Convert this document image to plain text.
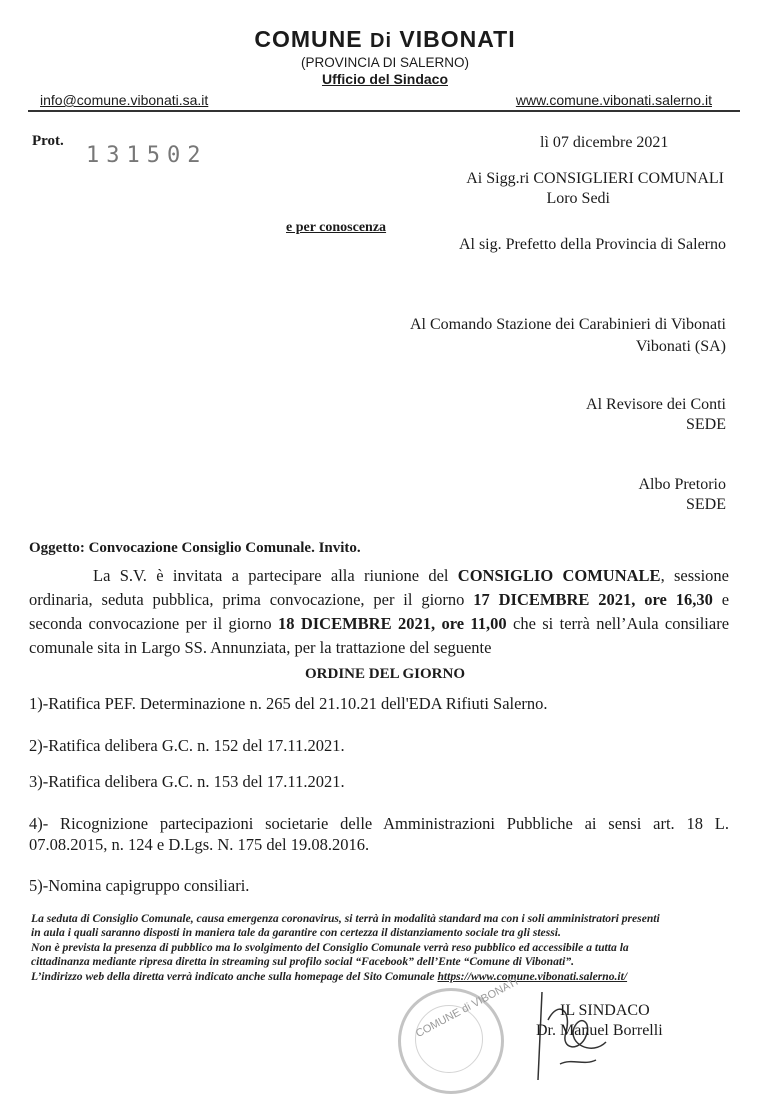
COMUNE Di VIBONATI
(PROVINCIA DI SALERNO)
Ufficio del Sindaco
info@comune.vibonati.sa.it	www.comune.vibonati.salerno.it
Prot.
131502
lì 07 dicembre 2021
Ai Sigg.ri CONSIGLIERI COMUNALI
Loro Sedi
e per conoscenza
Al sig. Prefetto della Provincia di Salerno
Al Comando Stazione dei Carabinieri di Vibonati
Vibonati (SA)
Al Revisore dei Conti
SEDE
Albo Pretorio
SEDE
Oggetto: Convocazione Consiglio Comunale. Invito.
La S.V. è invitata a partecipare alla riunione del CONSIGLIO COMUNALE, sessione
ordinaria, seduta pubblica, prima convocazione, per il giorno 17 DICEMBRE 2021, ore 16,30 e
seconda convocazione per il giorno 18 DICEMBRE 2021, ore 11,00 che si terrà nell’Aula consiliare
comunale sita in Largo SS. Annunziata, per la trattazione del seguente
ORDINE DEL GIORNO
1)-Ratifica PEF. Determinazione n. 265 del 21.10.21 dell'EDA Rifiuti Salerno.
2)-Ratifica delibera G.C. n. 152 del 17.11.2021.
3)-Ratifica delibera G.C. n. 153 del 17.11.2021.
4)- Ricognizione partecipazioni societarie delle Amministrazioni Pubbliche ai sensi art. 18 L.
07.08.2015, n. 124 e D.Lgs. N. 175 del 19.08.2016.
5)-Nomina capigruppo consiliari.
La seduta di Consiglio Comunale, causa emergenza coronavirus, si terrà in modalità standard ma con i soli amministratori presenti
in aula i quali saranno disposti in maniera tale da garantire con certezza il distanziamento sociale tra gli stessi.
Non è prevista la presenza di pubblico ma lo svolgimento del Consiglio Comunale verrà reso pubblico ed accessibile a tutta la
cittadinanza mediante ripresa diretta in streaming sul profilo social “Facebook” dell’Ente “Comune di Vibonati”.
L’indirizzo web della diretta verrà indicato anche sulla homepage del Sito Comunale https://www.comune.vibonati.salerno.it/
COMUNE di VIBONATI IL SINDACO
Dr. Manuel Borrelli
